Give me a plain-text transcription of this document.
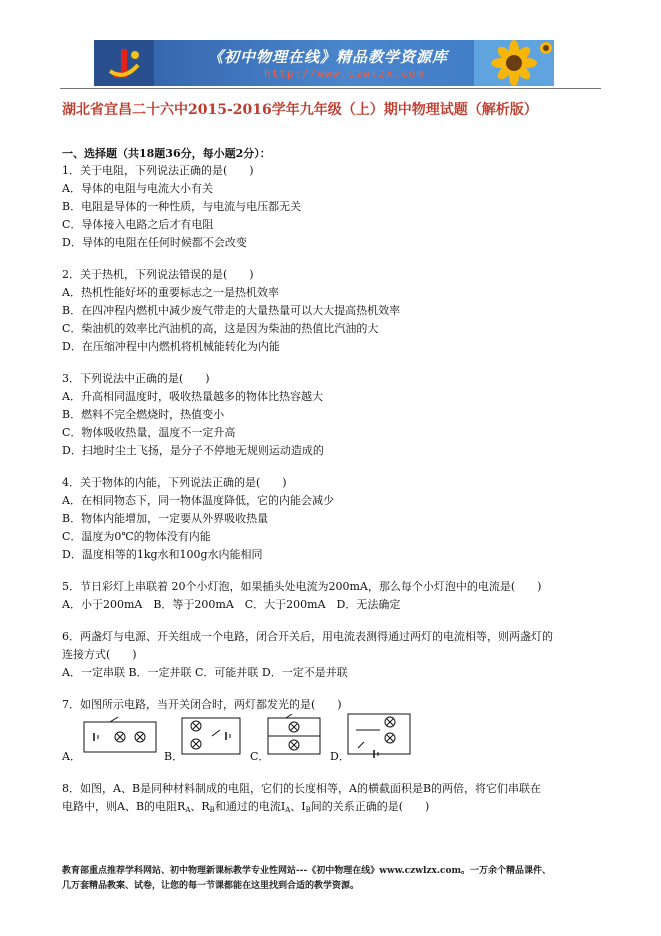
《初中物理在线》精品教学资源库
http://www.czwlzx.com
湖北省宜昌二十六中2015-2016学年九年级（上）期中物理试题（解析版）
一、选择题（共18题36分，每小题2分）：
1．关于电阻，下列说法正确的是(　　)
A．导体的电阻与电流大小有关
B．电阻是导体的一种性质，与电流与电压都无关
C．导体接入电路之后才有电阻
D．导体的电阻在任何时候都不会改变
2．关于热机，下列说法错误的是(　　)
A．热机性能好坏的重要标志之一是热机效率
B．在四冲程内燃机中减少废气带走的大量热量可以大大提高热机效率
C．柴油机的效率比汽油机的高，这是因为柴油的热值比汽油的大
D．在压缩冲程中内燃机将机械能转化为内能
3．下列说法中正确的是(　　)
A．升高相同温度时，吸收热量越多的物体比热容越大
B．燃料不完全燃烧时，热值变小
C．物体吸收热量，温度不一定升高
D．扫地时尘土飞扬，是分子不停地无规则运动造成的
4．关于物体的内能，下列说法正确的是(　　)
A．在相同物态下，同一物体温度降低，它的内能会减少
B．物体内能增加，一定要从外界吸收热量
C．温度为0℃的物体没有内能
D．温度相等的1kg水和100g水内能相同
5．节日彩灯上串联着 20个小灯泡，如果插头处电流为200mA，那么每个小灯泡中的电流是(　　)
A．小于200mA　B．等于200mA　C．大于200mA　D．无法确定
6．两盏灯与电源、开关组成一个电路，闭合开关后，用电流表测得通过两灯的电流相等，则两盏灯的
连接方式(　　)
A．一定串联 B．一定并联 C．可能并联 D．一定不是并联
7．如图所示电路，当开关闭合时，两灯都发光的是(　　)
A．	B．	C．	D．
8．如图，A、B是同种材料制成的电阻，它们的长度相等，A的横截面积是B的两倍，将它们串联在
电路中，则A、B的电阻$R_A$、$R_B$和通过的电流$I_A$、$I_B$间的关系正确的是(　　)
教育部重点推荐学科网站、初中物理新课标教学专业性网站---《初中物理在线》www.czwlzx.com。一万余个精品课件、
几万套精品教案、试卷，让您的每一节课都能在这里找到合适的教学资源。
